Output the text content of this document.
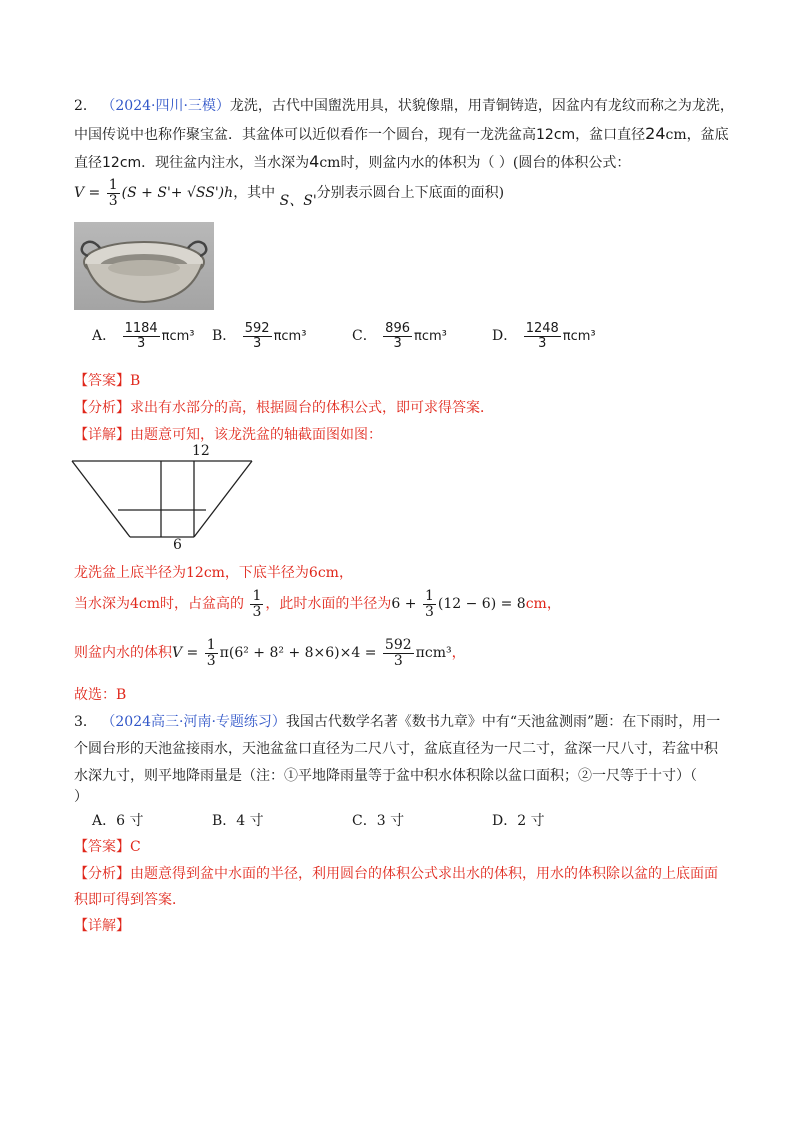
2． （2024·四川·三模）龙洗，古代中国盥洗用具，状貌像鼎，用青铜铸造，因盆内有龙纹而称之为龙洗，
中国传说中也称作聚宝盆．其盆体可以近似看作一个圆台，现有一龙洗盆高12cm，盆口直径24cm，盆底
直径12cm．现往盆内注水，当水深为4cm时，则盆内水的体积为（ ）(圆台的体积公式：
$V = \frac{1}{3} (S + S'+ √SS')h$，其中 S、S'分别表示圆台上下底面的面积)
A． $\frac{1184}{3} \pi cm^3$ B． $\frac{592}{3} \pi cm^3$	C． $\frac{896}{3} \pi cm^3$	D． $\frac{1248}{3} \pi cm^3$
【答案】B
【分析】求出有水部分的高，根据圆台的体积公式，即可求得答案．
【详解】由题意可知，该龙洗盆的轴截面图如图：
12
6
龙洗盆上底半径为12cm，下底半径为6cm，
当水深为4cm时，占盆高的 $\frac{1}{3}$ ，此时水面的半径为$6 + \frac{1}{3} (12 - 6) = 8cm$，
则盆内水的体积$V = \frac{1}{3} \pi(6^2 + 8^2 + 8\times 6)\times 4 = \frac{592}{3} \pi cm^3$，
故选：B
3． （2024高三·河南·专题练习）我国古代数学名著《数书九章》中有“天池盆测雨”题：在下雨时，用一
个圆台形的天池盆接雨水，天池盆盆口直径为二尺八寸，盆底直径为一尺二寸，盆深一尺八寸，若盆中积
水深九寸，则平地降雨量是（注：①平地降雨量等于盆中积水体积除以盆口面积；②一尺等于十寸）（
）
A．6 寸	B．4 寸	C．3 寸	D．2 寸
【答案】C
【分析】由题意得到盆中水面的半径，利用圆台的体积公式求出水的体积，用水的体积除以盆的上底面面
积即可得到答案．
【详解】
